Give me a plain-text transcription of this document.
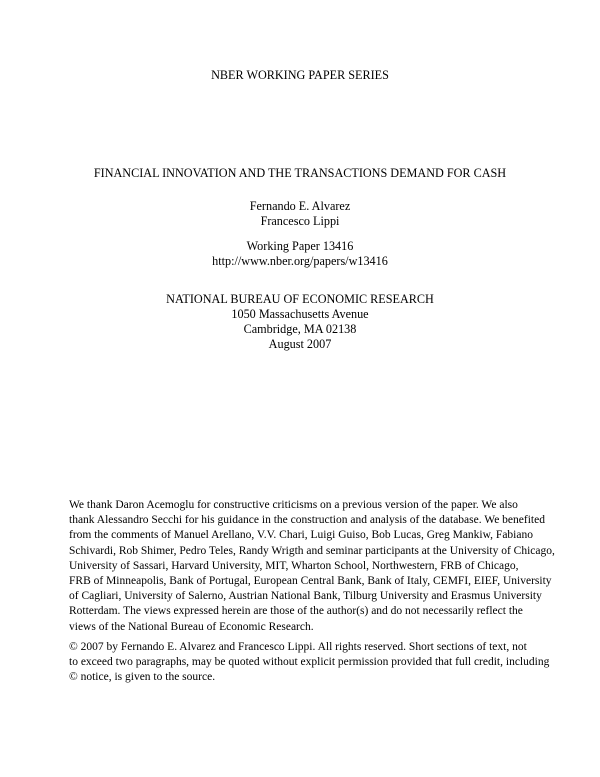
NBER WORKING PAPER SERIES
FINANCIAL INNOVATION AND THE TRANSACTIONS DEMAND FOR CASH
Fernando E. Alvarez
Francesco Lippi
Working Paper 13416
http://www.nber.org/papers/w13416
NATIONAL BUREAU OF ECONOMIC RESEARCH
1050 Massachusetts Avenue
Cambridge, MA 02138
August 2007
We thank Daron Acemoglu for constructive criticisms on a previous version of the paper. We also
thank Alessandro Secchi for his guidance in the construction and analysis of the database. We benefited
from the comments of Manuel Arellano, V.V. Chari, Luigi Guiso, Bob Lucas, Greg Mankiw, Fabiano
Schivardi, Rob Shimer, Pedro Teles, Randy Wrigth and seminar participants at the University of Chicago,
University of Sassari, Harvard University, MIT, Wharton School, Northwestern, FRB of Chicago,
FRB of Minneapolis, Bank of Portugal, European Central Bank, Bank of Italy, CEMFI, EIEF, University
of Cagliari, University of Salerno, Austrian National Bank, Tilburg University and Erasmus University
Rotterdam. The views expressed herein are those of the author(s) and do not necessarily reflect the
views of the National Bureau of Economic Research.
© 2007 by Fernando E. Alvarez and Francesco Lippi. All rights reserved. Short sections of text, not
to exceed two paragraphs, may be quoted without explicit permission provided that full credit, including
© notice, is given to the source.
